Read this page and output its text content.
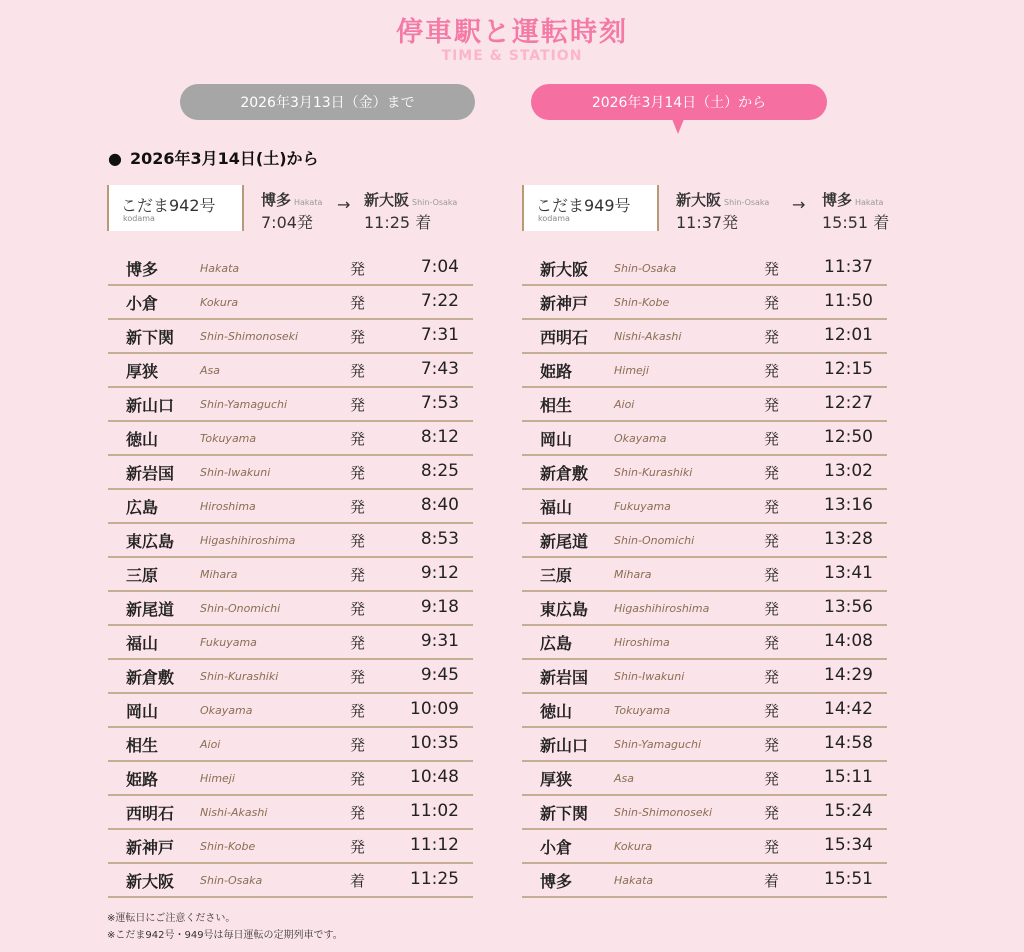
停車駅と運転時刻
TIME & STATION
2026年3月13日（金）まで	2026年3月14日（土）から
● 2026年3月14日(土)から
こだま942号
kodama
博多 Hakata
7:04発
→ 新大阪 Shin-Osaka
11:25 着
こだま949号
kodama
新大阪 Shin-Osaka
11:37発
→ 博多 Hakata
15:51 着
博多	Hakata	発	7:04
小倉	Kokura	発	7:22
新下関 Shin-Shimonoseki	発	7:31
厚狭	Asa	発	7:43
新山口 Shin-Yamaguchi	発	7:53
徳山	Tokuyama	発	8:12
新岩国 Shin-Iwakuni	発	8:25
広島	Hiroshima	発	8:40
東広島 Higashihiroshima	発	8:53
三原	Mihara	発	9:12
新尾道 Shin-Onomichi	発	9:18
福山	Fukuyama	発	9:31
新倉敷 Shin-Kurashiki	発	9:45
岡山	Okayama	発	10:09
相生	Aioi	発	10:35
姫路	Himeji	発	10:48
西明石 Nishi-Akashi	発	11:02
新神戸 Shin-Kobe	発	11:12
新大阪 Shin-Osaka	着	11:25
新大阪 Shin-Osaka	発	11:37
新神戸 Shin-Kobe	発	11:50
西明石 Nishi-Akashi	発	12:01
姫路	Himeji	発	12:15
相生	Aioi	発	12:27
岡山	Okayama	発	12:50
新倉敷 Shin-Kurashiki	発	13:02
福山	Fukuyama	発	13:16
新尾道 Shin-Onomichi	発	13:28
三原	Mihara	発	13:41
東広島 Higashihiroshima	発	13:56
広島	Hiroshima	発	14:08
新岩国 Shin-Iwakuni	発	14:29
徳山	Tokuyama	発	14:42
新山口 Shin-Yamaguchi	発	14:58
厚狭	Asa	発	15:11
新下関 Shin-Shimonoseki	発	15:24
小倉	Kokura	発	15:34
博多	Hakata	着	15:51
※運転日にご注意ください。
※こだま942号・949号は毎日運転の定期列車です。
